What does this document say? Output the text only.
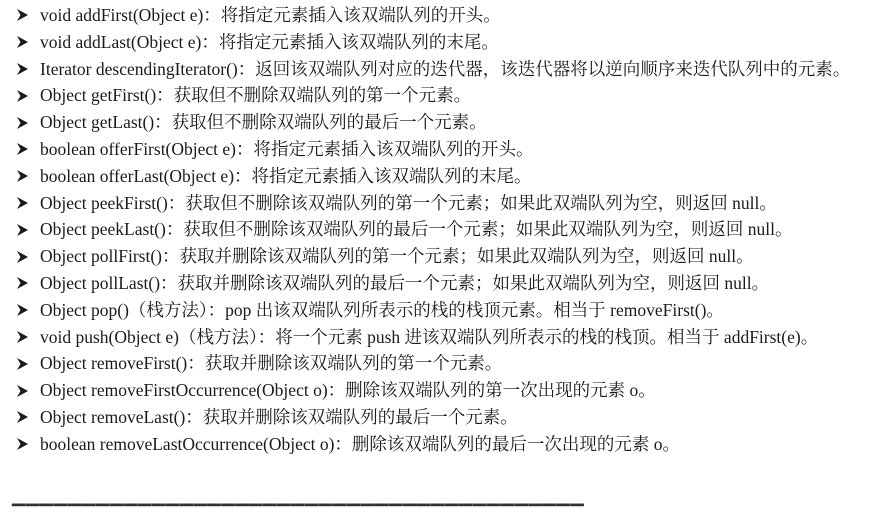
void addFirst(Object e)：将指定元素插入该双端队列的开头。
void addLast(Object e)：将指定元素插入该双端队列的末尾。
Iterator descendingIterator()：返回该双端队列对应的迭代器，该迭代器将以逆向顺序来迭代队列中的元素。
Object getFirst()：获取但不删除双端队列的第一个元素。
Object getLast()：获取但不删除双端队列的最后一个元素。
boolean offerFirst(Object e)：将指定元素插入该双端队列的开头。
boolean offerLast(Object e)：将指定元素插入该双端队列的末尾。
Object peekFirst()：获取但不删除该双端队列的第一个元素；如果此双端队列为空，则返回 null。
Object peekLast()：获取但不删除该双端队列的最后一个元素；如果此双端队列为空，则返回 null。
Object pollFirst()：获取并删除该双端队列的第一个元素；如果此双端队列为空，则返回 null。
Object pollLast()：获取并删除该双端队列的最后一个元素；如果此双端队列为空，则返回 null。
Object pop()（栈方法）：pop 出该双端队列所表示的栈的栈顶元素。相当于 removeFirst()。
void push(Object e)（栈方法）：将一个元素 push 进该双端队列所表示的栈的栈顶。相当于 addFirst(e)。
Object removeFirst()：获取并删除该双端队列的第一个元素。
Object removeFirstOccurrence(Object o)：删除该双端队列的第一次出现的元素 o。
Object removeLast()：获取并删除该双端队列的最后一个元素。
boolean removeLastOccurrence(Object o)：删除该双端队列的最后一次出现的元素 o。
▔▔▔▔▔▔▔▔▔▔▔▔▔▔▔▔▔▔▔▔▔▔▔▔▔▔▔▔▔▔▔▔▔▔▔▔▔▔▔▔▔
